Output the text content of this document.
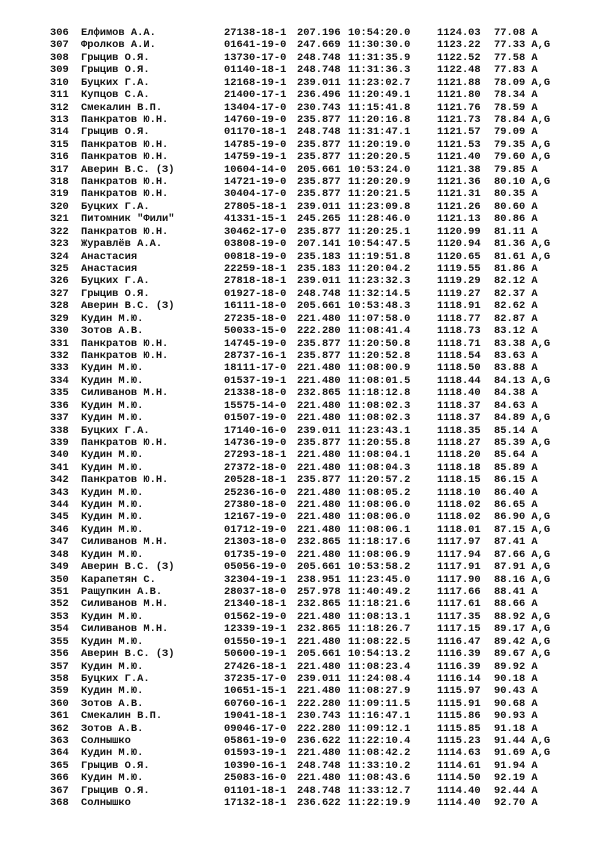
306 Елфимов А.А.	27138-18-1 207.196 10:54:20.0	1124.03 77.08 A
307 Фролков А.И.	01641-19-0 247.669 11:30:30.0	1123.22 77.33 A,G
308 Грыцив О.Я.	13730-17-0 248.748 11:31:35.9	1122.52 77.58 A
309 Грыцив О.Я.	01140-18-1 248.748 11:31:36.3	1122.48 77.83 A
310 Буцких Г.А.	12168-19-1 239.011 11:23:02.7	1121.88 78.09 A,G
311 Купцов С.А.	21400-17-1 236.496 11:20:49.1	1121.80 78.34 A
312 Смекалин В.П.	13404-17-0 230.743 11:15:41.8	1121.76 78.59 A
313 Панкратов Ю.Н.	14760-19-0 235.877 11:20:16.8	1121.73 78.84 A,G
314 Грыцив О.Я.	01170-18-1 248.748 11:31:47.1	1121.57 79.09 A
315 Панкратов Ю.Н.	14785-19-0 235.877 11:20:19.0	1121.53 79.35 A,G
316 Панкратов Ю.Н.	14759-19-1 235.877 11:20:20.5	1121.40 79.60 A,G
317 Аверин В.С. (З)	10604-14-0 205.661 10:53:24.0	1121.38 79.85 A
318 Панкратов Ю.Н.	14721-19-0 235.877 11:20:20.9	1121.36 80.10 A,G
319 Панкратов Ю.Н.	30404-17-0 235.877 11:20:21.5	1121.31 80.35 A
320 Буцких Г.А.	27805-18-1 239.011 11:23:09.8	1121.26 80.60 A
321 Питомник "Фили"	41331-15-1 245.265 11:28:46.0	1121.13 80.86 A
322 Панкратов Ю.Н.	30462-17-0 235.877 11:20:25.1	1120.99 81.11 A
323 Журавлёв А.А.	03808-19-0 207.141 10:54:47.5	1120.94 81.36 A,G
324 Анастасия	00818-19-0 235.183 11:19:51.8	1120.65 81.61 A,G
325 Анастасия	22259-18-1 235.183 11:20:04.2	1119.55 81.86 A
326 Буцких Г.А.	27818-18-1 239.011 11:23:32.3	1119.29 82.12 A
327 Грыцив О.Я.	01927-18-0 248.748 11:32:14.5	1119.27 82.37 A
328 Аверин В.С. (З)	16111-18-0 205.661 10:53:48.3	1118.91 82.62 A
329 Кудин М.Ю.	27235-18-0 221.480 11:07:58.0	1118.77 82.87 A
330 Зотов А.В.	50033-15-0 222.280 11:08:41.4	1118.73 83.12 A
331 Панкратов Ю.Н.	14745-19-0 235.877 11:20:50.8	1118.71 83.38 A,G
332 Панкратов Ю.Н.	28737-16-1 235.877 11:20:52.8	1118.54 83.63 A
333 Кудин М.Ю.	18111-17-0 221.480 11:08:00.9	1118.50 83.88 A
334 Кудин М.Ю.	01537-19-1 221.480 11:08:01.5	1118.44 84.13 A,G
335 Силиванов М.Н.	21338-18-0 232.865 11:18:12.8	1118.40 84.38 A
336 Кудин М.Ю.	15575-14-0 221.480 11:08:02.3	1118.37 84.63 A
337 Кудин М.Ю.	01507-19-0 221.480 11:08:02.3	1118.37 84.89 A,G
338 Буцких Г.А.	17140-16-0 239.011 11:23:43.1	1118.35 85.14 A
339 Панкратов Ю.Н.	14736-19-0 235.877 11:20:55.8	1118.27 85.39 A,G
340 Кудин М.Ю.	27293-18-1 221.480 11:08:04.1	1118.20 85.64 A
341 Кудин М.Ю.	27372-18-0 221.480 11:08:04.3	1118.18 85.89 A
342 Панкратов Ю.Н.	20528-18-1 235.877 11:20:57.2	1118.15 86.15 A
343 Кудин М.Ю.	25236-16-0 221.480 11:08:05.2	1118.10 86.40 A
344 Кудин М.Ю.	27380-18-0 221.480 11:08:06.0	1118.02 86.65 A
345 Кудин М.Ю.	12167-19-0 221.480 11:08:06.0	1118.02 86.90 A,G
346 Кудин М.Ю.	01712-19-0 221.480 11:08:06.1	1118.01 87.15 A,G
347 Силиванов М.Н.	21303-18-0 232.865 11:18:17.6	1117.97 87.41 A
348 Кудин М.Ю.	01735-19-0 221.480 11:08:06.9	1117.94 87.66 A,G
349 Аверин В.С. (З)	05056-19-0 205.661 10:53:58.2	1117.91 87.91 A,G
350 Карапетян С.	32304-19-1 238.951 11:23:45.0	1117.90 88.16 A,G
351 Ращупкин А.В.	28037-18-0 257.978 11:40:49.2	1117.66 88.41 A
352 Силиванов М.Н.	21340-18-1 232.865 11:18:21.6	1117.61 88.66 A
353 Кудин М.Ю.	01562-19-0 221.480 11:08:13.1	1117.35 88.92 A,G
354 Силиванов М.Н.	12339-19-1 232.865 11:18:26.7	1117.15 89.17 A,G
355 Кудин М.Ю.	01550-19-1 221.480 11:08:22.5	1116.47 89.42 A,G
356 Аверин В.С. (З)	50600-19-1 205.661 10:54:13.2	1116.39 89.67 A,G
357 Кудин М.Ю.	27426-18-1 221.480 11:08:23.4	1116.39 89.92 A
358 Буцких Г.А.	37235-17-0 239.011 11:24:08.4	1116.14 90.18 A
359 Кудин М.Ю.	10651-15-1 221.480 11:08:27.9	1115.97 90.43 A
360 Зотов А.В.	60760-16-1 222.280 11:09:11.5	1115.91 90.68 A
361 Смекалин В.П.	19041-18-1 230.743 11:16:47.1	1115.86 90.93 A
362 Зотов А.В.	09046-17-0 222.280 11:09:12.1	1115.85 91.18 A
363 Солнышко	05861-19-0 236.622 11:22:10.4	1115.23 91.44 A,G
364 Кудин М.Ю.	01593-19-1 221.480 11:08:42.2	1114.63 91.69 A,G
365 Грыцив О.Я.	10390-16-1 248.748 11:33:10.2	1114.61 91.94 A
366 Кудин М.Ю.	25083-16-0 221.480 11:08:43.6	1114.50 92.19 A
367 Грыцив О.Я.	01101-18-1 248.748 11:33:12.7	1114.40 92.44 A
368 Солнышко	17132-18-1 236.622 11:22:19.9	1114.40 92.70 A
